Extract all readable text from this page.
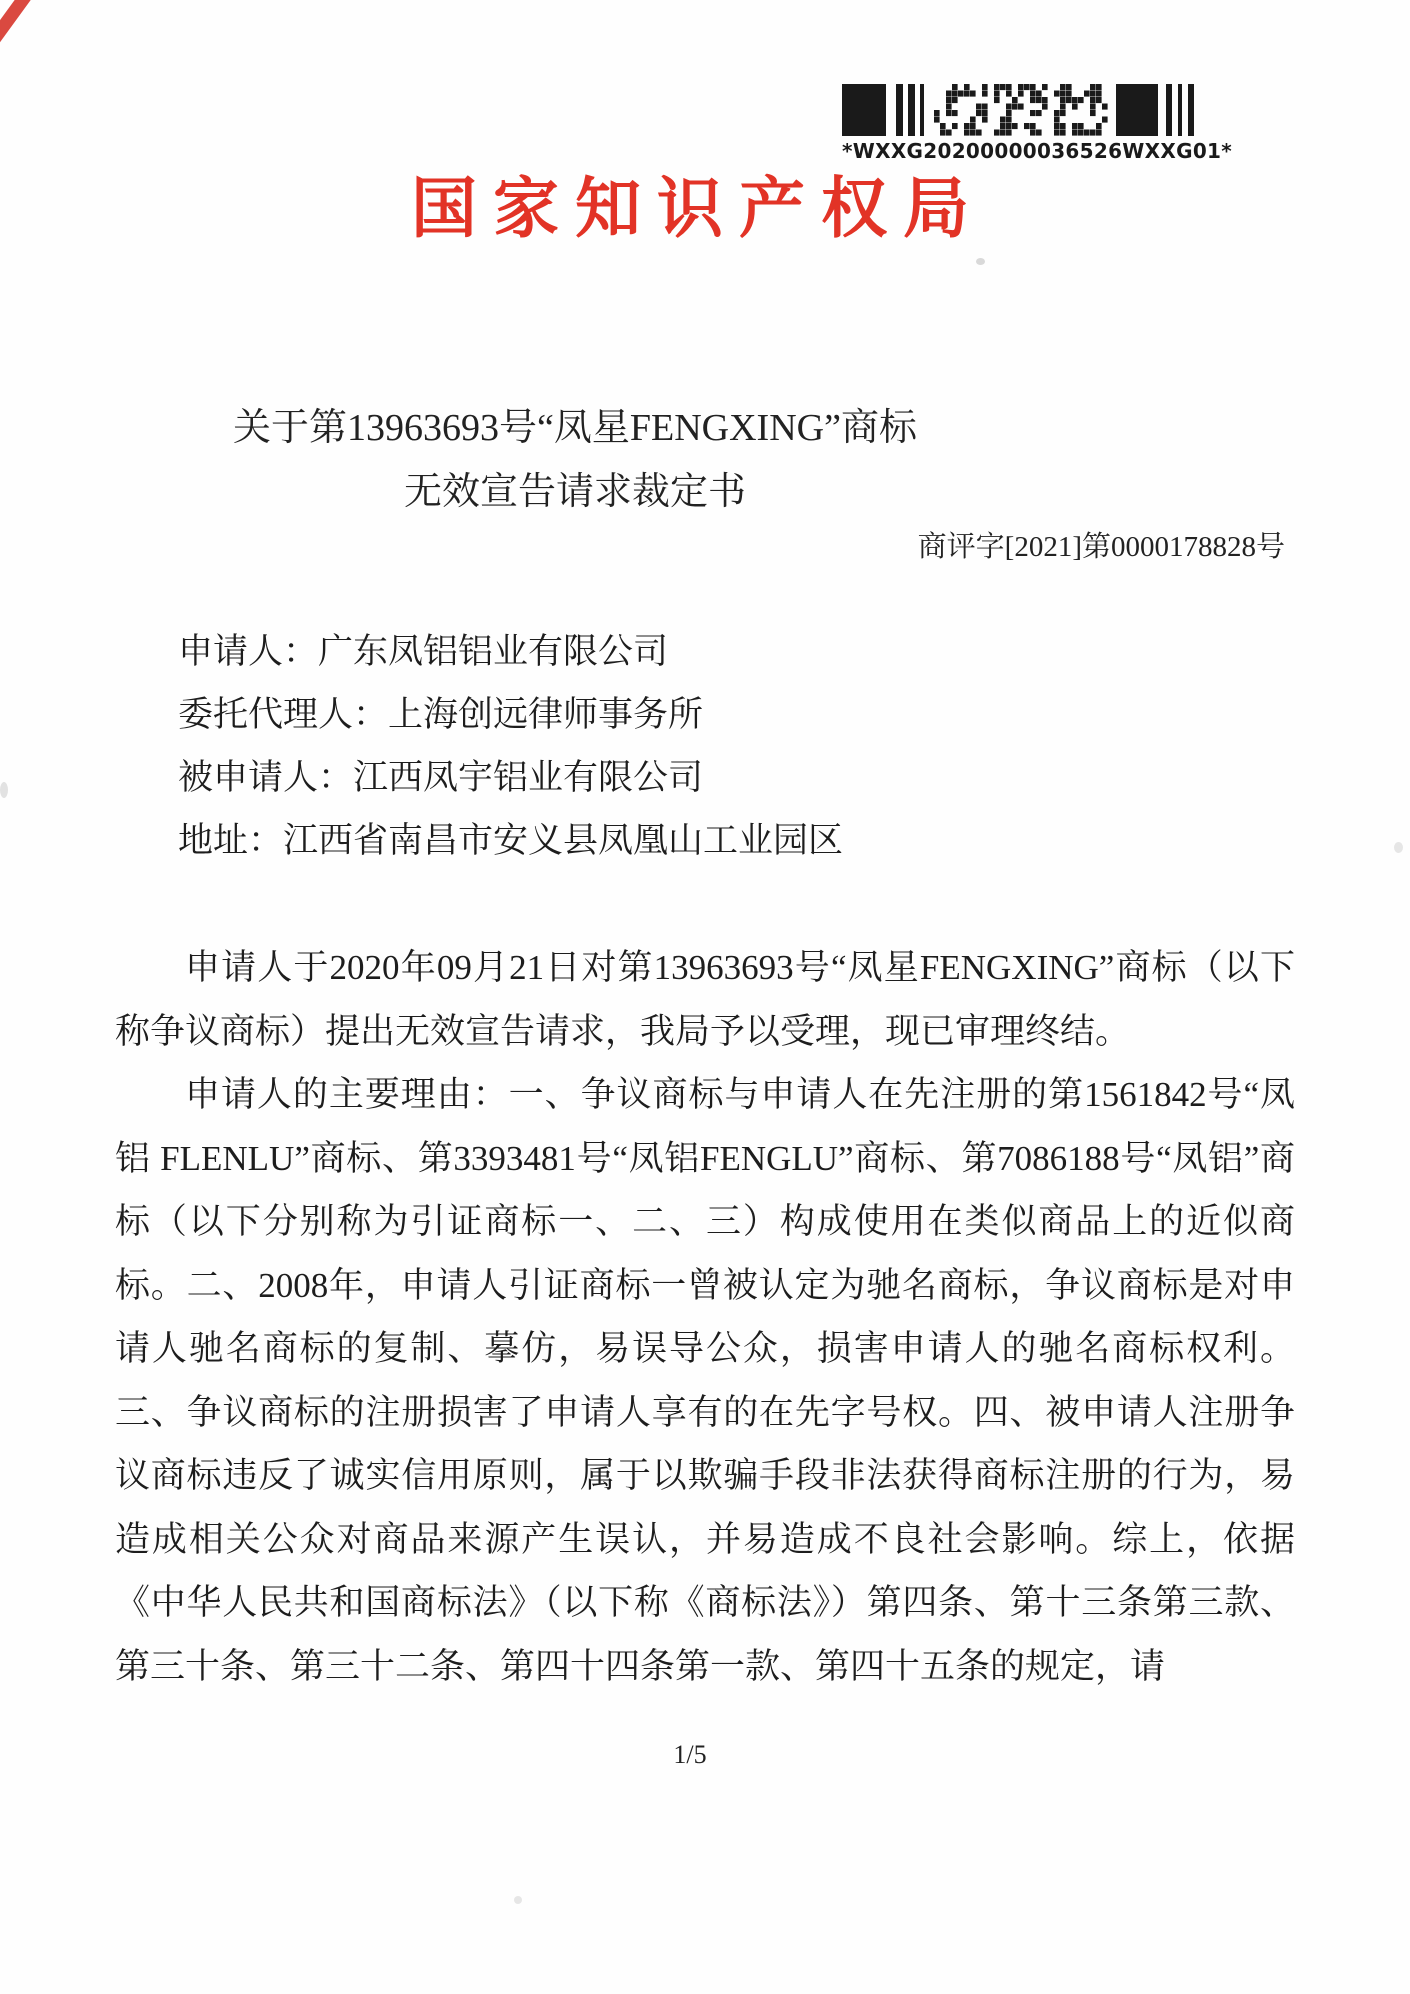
*WXXG20200000036526WXXG01*
国家知识产权局
关于第13963693号“凤星FENGXING”商标
无效宣告请求裁定书
商评字[2021]第0000178828号
申请人：广东凤铝铝业有限公司
委托代理人：上海创远律师事务所
被申请人：江西凤宇铝业有限公司
地址：江西省南昌市安义县凤凰山工业园区

申请人于2020年09月21日对第13963693号“凤星FENGXING”商标（以下称争议商标）提出无效宣告请求，我局予以受理，现已审理终结。

申请人的主要理由：一、争议商标与申请人在先注册的第1561842号“凤铝 FLENLU”商标、第3393481号“凤铝FENGLU”商标、第7086188号“凤铝”商标（以下分别称为引证商标一、二、三）构成使用在类似商品上的近似商标。二、2008年，申请人引证商标一曾被认定为驰名商标，争议商标是对申请人驰名商标的复制、摹仿，易误导公众，损害申请人的驰名商标权利。三、争议商标的注册损害了申请人享有的在先字号权。四、被申请人注册争议商标违反了诚实信用原则，属于以欺骗手段非法获得商标注册的行为，易造成相关公众对商品来源产生误认，并易造成不良社会影响。综上，依据《中华人民共和国商标法》（以下称《商标法》）第四条、第十三条第三款、第三十条、第三十二条、第四十四条第一款、第四十五条的规定，请

1/5
